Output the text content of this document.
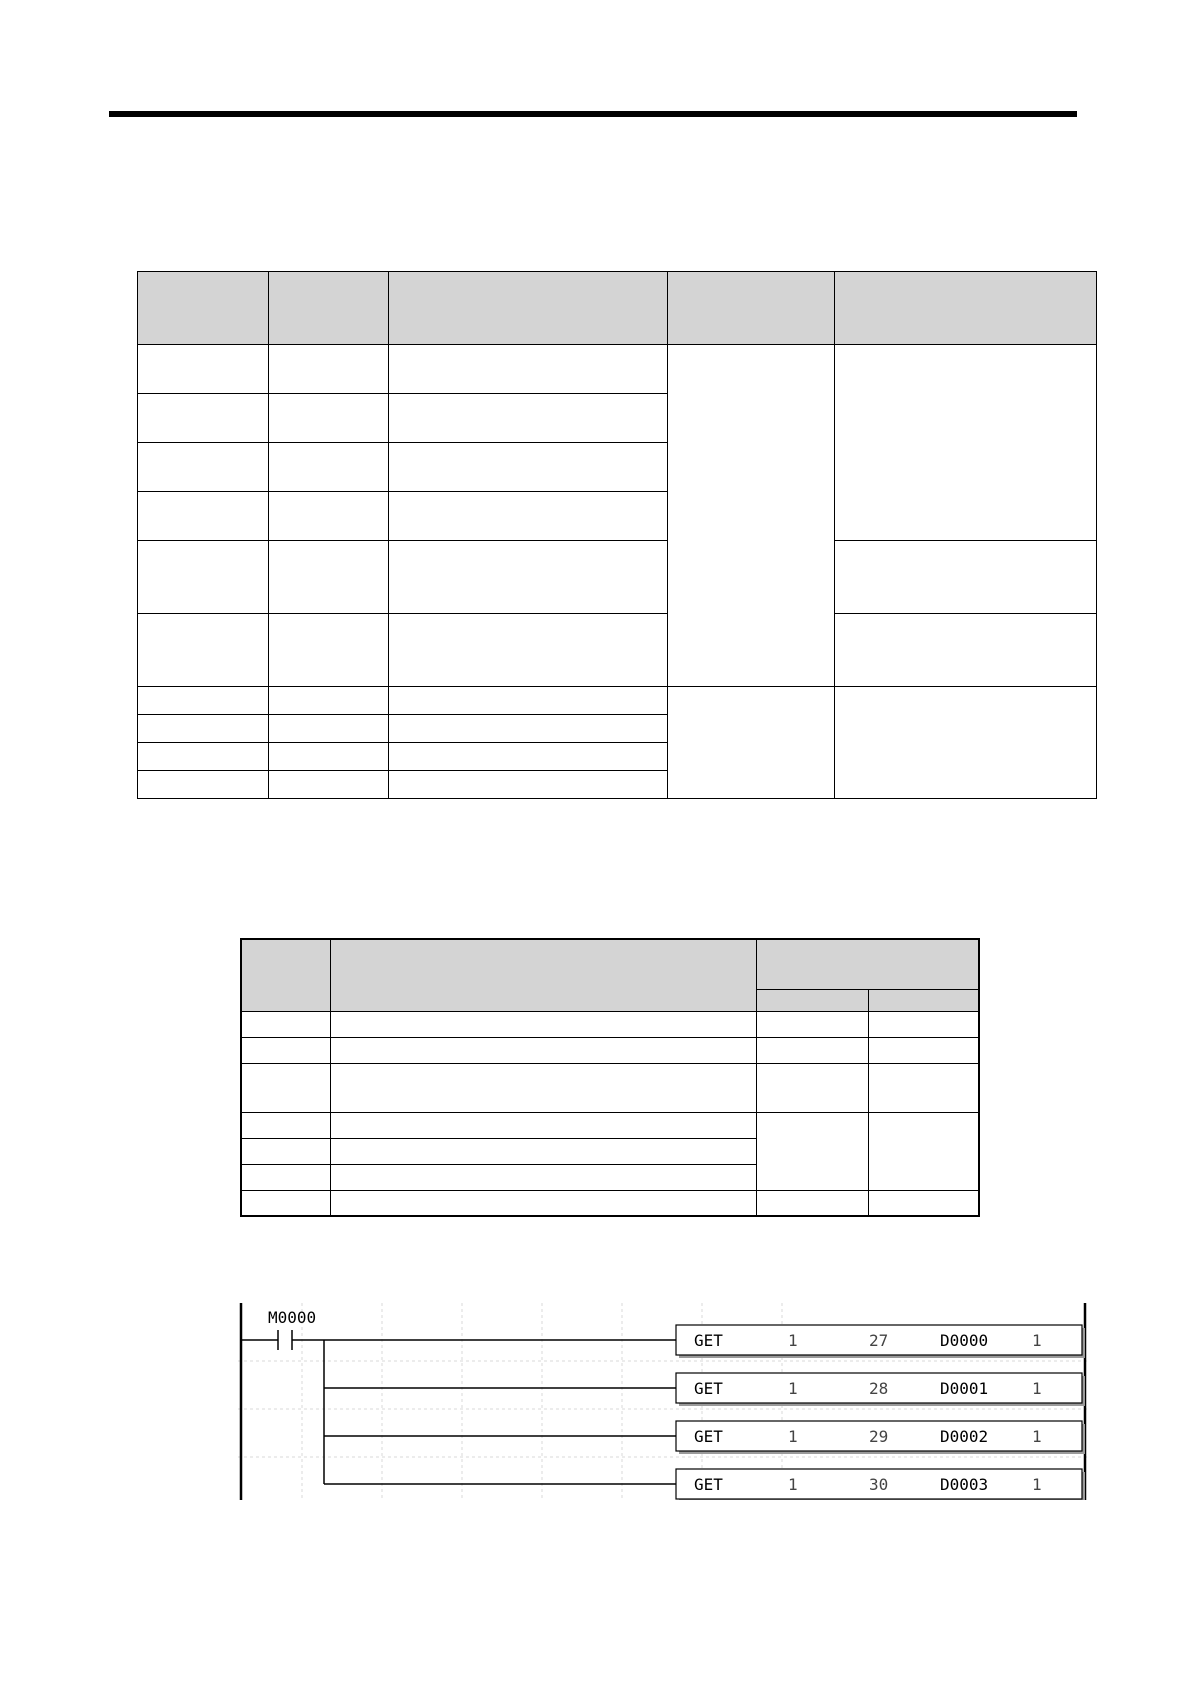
M0000
GET	1	27	D0000	1
GET	1	28	D0001	1
GET	1	29	D0002	1
GET	1	30	D0003	1
